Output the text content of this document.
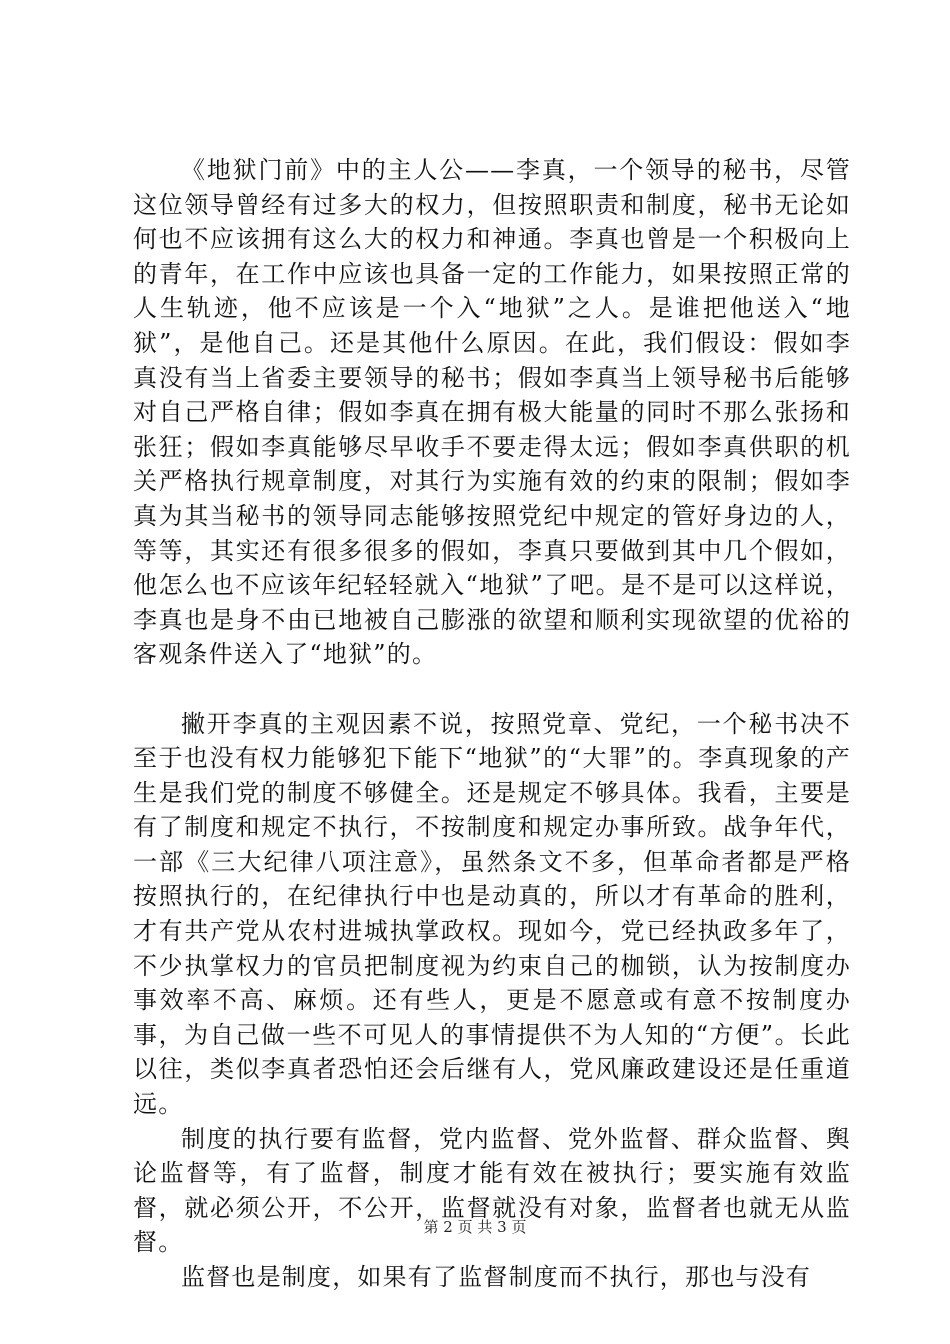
《地狱门前》中的主人公——李真，一个领导的秘书，尽管这位领导曾经有过多大的权力，但按照职责和制度，秘书无论如何也不应该拥有这么大的权力和神通。李真也曾是一个积极向上的青年，在工作中应该也具备一定的工作能力，如果按照正常的人生轨迹，他不应该是一个入“地狱”之人。是谁把他送入“地狱”，是他自己。还是其他什么原因。在此，我们假设：假如李真没有当上省委主要领导的秘书；假如李真当上领导秘书后能够对自己严格自律；假如李真在拥有极大能量的同时不那么张扬和张狂；假如李真能够尽早收手不要走得太远；假如李真供职的机关严格执行规章制度，对其行为实施有效的约束的限制；假如李真为其当秘书的领导同志能够按照党纪中规定的管好身边的人，等等，其实还有很多很多的假如，李真只要做到其中几个假如，他怎么也不应该年纪轻轻就入“地狱”了吧。是不是可以这样说，李真也是身不由已地被自己膨涨的欲望和顺利实现欲望的优裕的客观条件送入了“地狱”的。

撇开李真的主观因素不说，按照党章、党纪，一个秘书决不至于也没有权力能够犯下能下“地狱”的“大罪”的。李真现象的产生是我们党的制度不够健全。还是规定不够具体。我看，主要是有了制度和规定不执行，不按制度和规定办事所致。战争年代，一部《三大纪律八项注意》，虽然条文不多，但革命者都是严格按照执行的，在纪律执行中也是动真的，所以才有革命的胜利，才有共产党从农村进城执掌政权。现如今，党已经执政多年了，不少执掌权力的官员把制度视为约束自己的枷锁，认为按制度办事效率不高、麻烦。还有些人，更是不愿意或有意不按制度办事，为自己做一些不可见人的事情提供不为人知的“方便”。长此以往，类似李真者恐怕还会后继有人，党风廉政建设还是任重道远。

制度的执行要有监督，党内监督、党外监督、群众监督、舆论监督等，有了监督，制度才能有效在被执行；要实施有效监督，就必须公开，不公开，监督就没有对象，监督者也就无从监督。

监督也是制度，如果有了监督制度而不执行，那也与没有

第 2 页 共 3 页
